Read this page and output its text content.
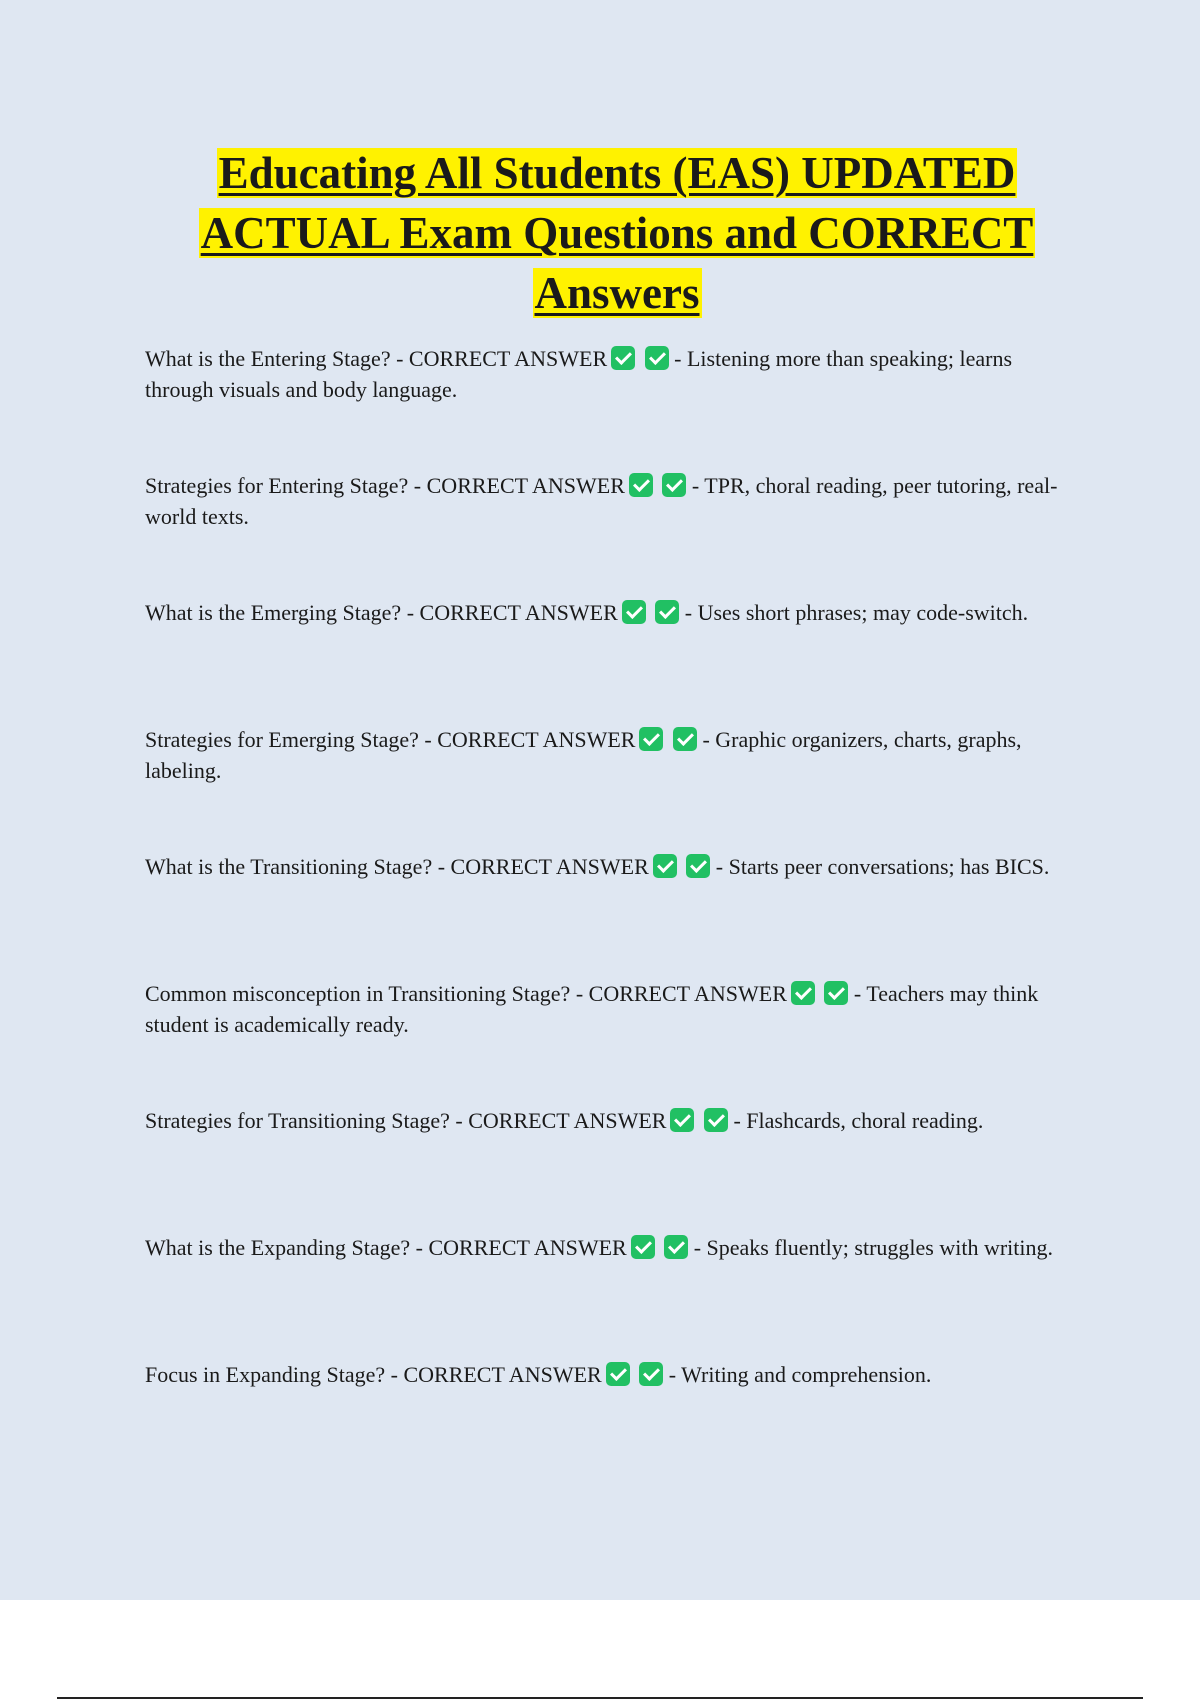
Educating All Students (EAS) UPDATED
ACTUAL Exam Questions and CORRECT
Answers
What is the Entering Stage? - CORRECT ANSWER	- Listening more than speaking; learns through visuals and body language.
Strategies for Entering Stage? - CORRECT ANSWER	- TPR, choral reading, peer tutoring, real-world texts.
What is the Emerging Stage? - CORRECT ANSWER	- Uses short phrases; may code-switch.
Strategies for Emerging Stage? - CORRECT ANSWER	- Graphic organizers, charts, graphs, labeling.
What is the Transitioning Stage? - CORRECT ANSWER	- Starts peer conversations; has BICS.
Common misconception in Transitioning Stage? - CORRECT ANSWER	- Teachers may think student is academically ready.
Strategies for Transitioning Stage? - CORRECT ANSWER	- Flashcards, choral reading.
What is the Expanding Stage? - CORRECT ANSWER	- Speaks fluently; struggles with writing.
Focus in Expanding Stage? - CORRECT ANSWER	- Writing and comprehension.
